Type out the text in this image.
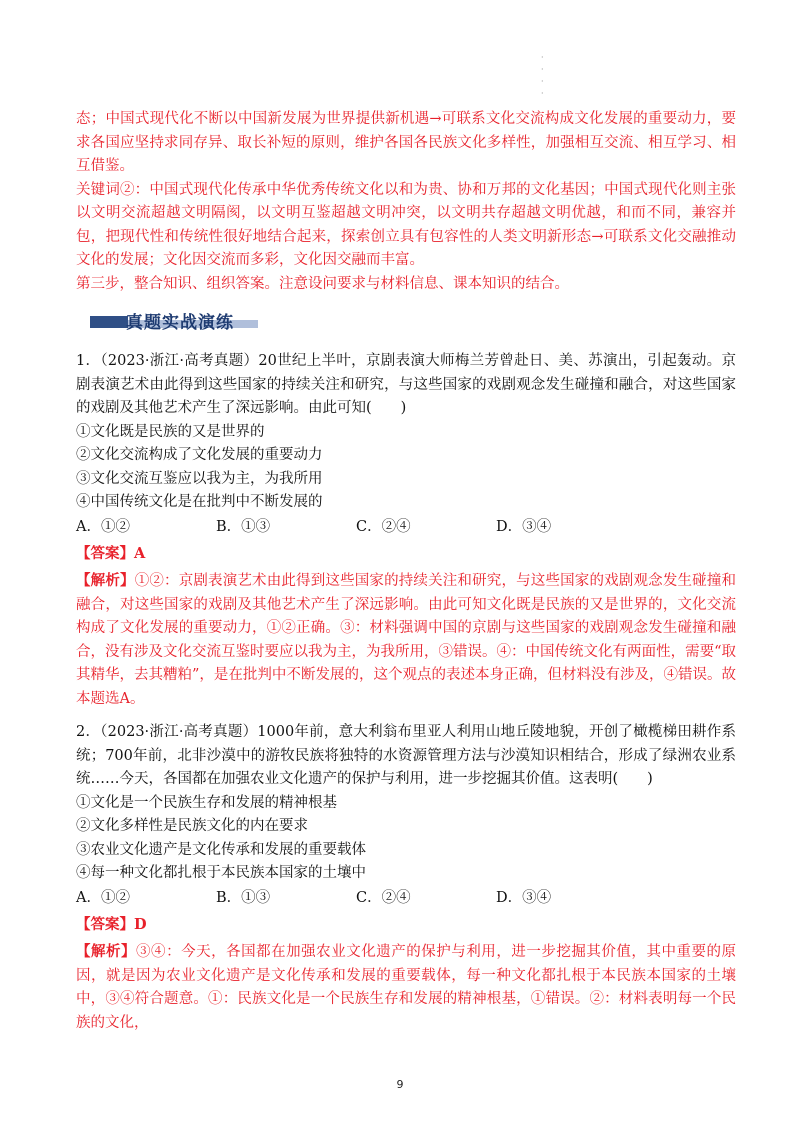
·
·
·
·

态；中国式现代化不断以中国新发展为世界提供新机遇→可联系文化交流构成文化发展的重要动力，要求各国应坚持求同存异、取长补短的原则，维护各国各民族文化多样性，加强相互交流、相互学习、相互借鉴。

关键词②：中国式现代化传承中华优秀传统文化以和为贵、协和万邦的文化基因；中国式现代化则主张以文明交流超越文明隔阂，以文明互鉴超越文明冲突，以文明共存超越文明优越，和而不同，兼容并包，把现代性和传统性很好地结合起来，探索创立具有包容性的人类文明新形态→可联系文化交融推动文化的发展；文化因交流而多彩，文化因交融而丰富。

第三步，整合知识、组织答案。注意设问要求与材料信息、课本知识的结合。

真题实战演练

1．（2023·浙江·高考真题）20世纪上半叶，京剧表演大师梅兰芳曾赴日、美、苏演出，引起轰动。京剧表演艺术由此得到这些国家的持续关注和研究，与这些国家的戏剧观念发生碰撞和融合，对这些国家的戏剧及其他艺术产生了深远影响。由此可知(　　)

①文化既是民族的又是世界的

②文化交流构成了文化发展的重要动力

③文化交流互鉴应以我为主，为我所用

④中国传统文化是在批判中不断发展的

A．①②	B．①③	C．②④	D．③④

【答案】A

【解析】①②：京剧表演艺术由此得到这些国家的持续关注和研究，与这些国家的戏剧观念发生碰撞和融合，对这些国家的戏剧及其他艺术产生了深远影响。由此可知文化既是民族的又是世界的，文化交流构成了文化发展的重要动力，①②正确。③：材料强调中国的京剧与这些国家的戏剧观念发生碰撞和融合，没有涉及文化交流互鉴时要应以我为主，为我所用，③错误。④：中国传统文化有两面性，需要“取其精华，去其糟粕”，是在批判中不断发展的，这个观点的表述本身正确，但材料没有涉及，④错误。故本题选A。

2．（2023·浙江·高考真题）1000年前，意大利翁布里亚人利用山地丘陵地貌，开创了橄榄梯田耕作系统；700年前，北非沙漠中的游牧民族将独特的水资源管理方法与沙漠知识相结合，形成了绿洲农业系统……今天，各国都在加强农业文化遗产的保护与利用，进一步挖掘其价值。这表明(　　)

①文化是一个民族生存和发展的精神根基

②文化多样性是民族文化的内在要求

③农业文化遗产是文化传承和发展的重要载体

④每一种文化都扎根于本民族本国家的土壤中

A．①②	B．①③	C．②④	D．③④

【答案】D

【解析】③④：今天，各国都在加强农业文化遗产的保护与利用，进一步挖掘其价值，其中重要的原因，就是因为农业文化遗产是文化传承和发展的重要载体，每一种文化都扎根于本民族本国家的土壤中，③④符合题意。①：民族文化是一个民族生存和发展的精神根基，①错误。②：材料表明每一个民族的文化，

9
